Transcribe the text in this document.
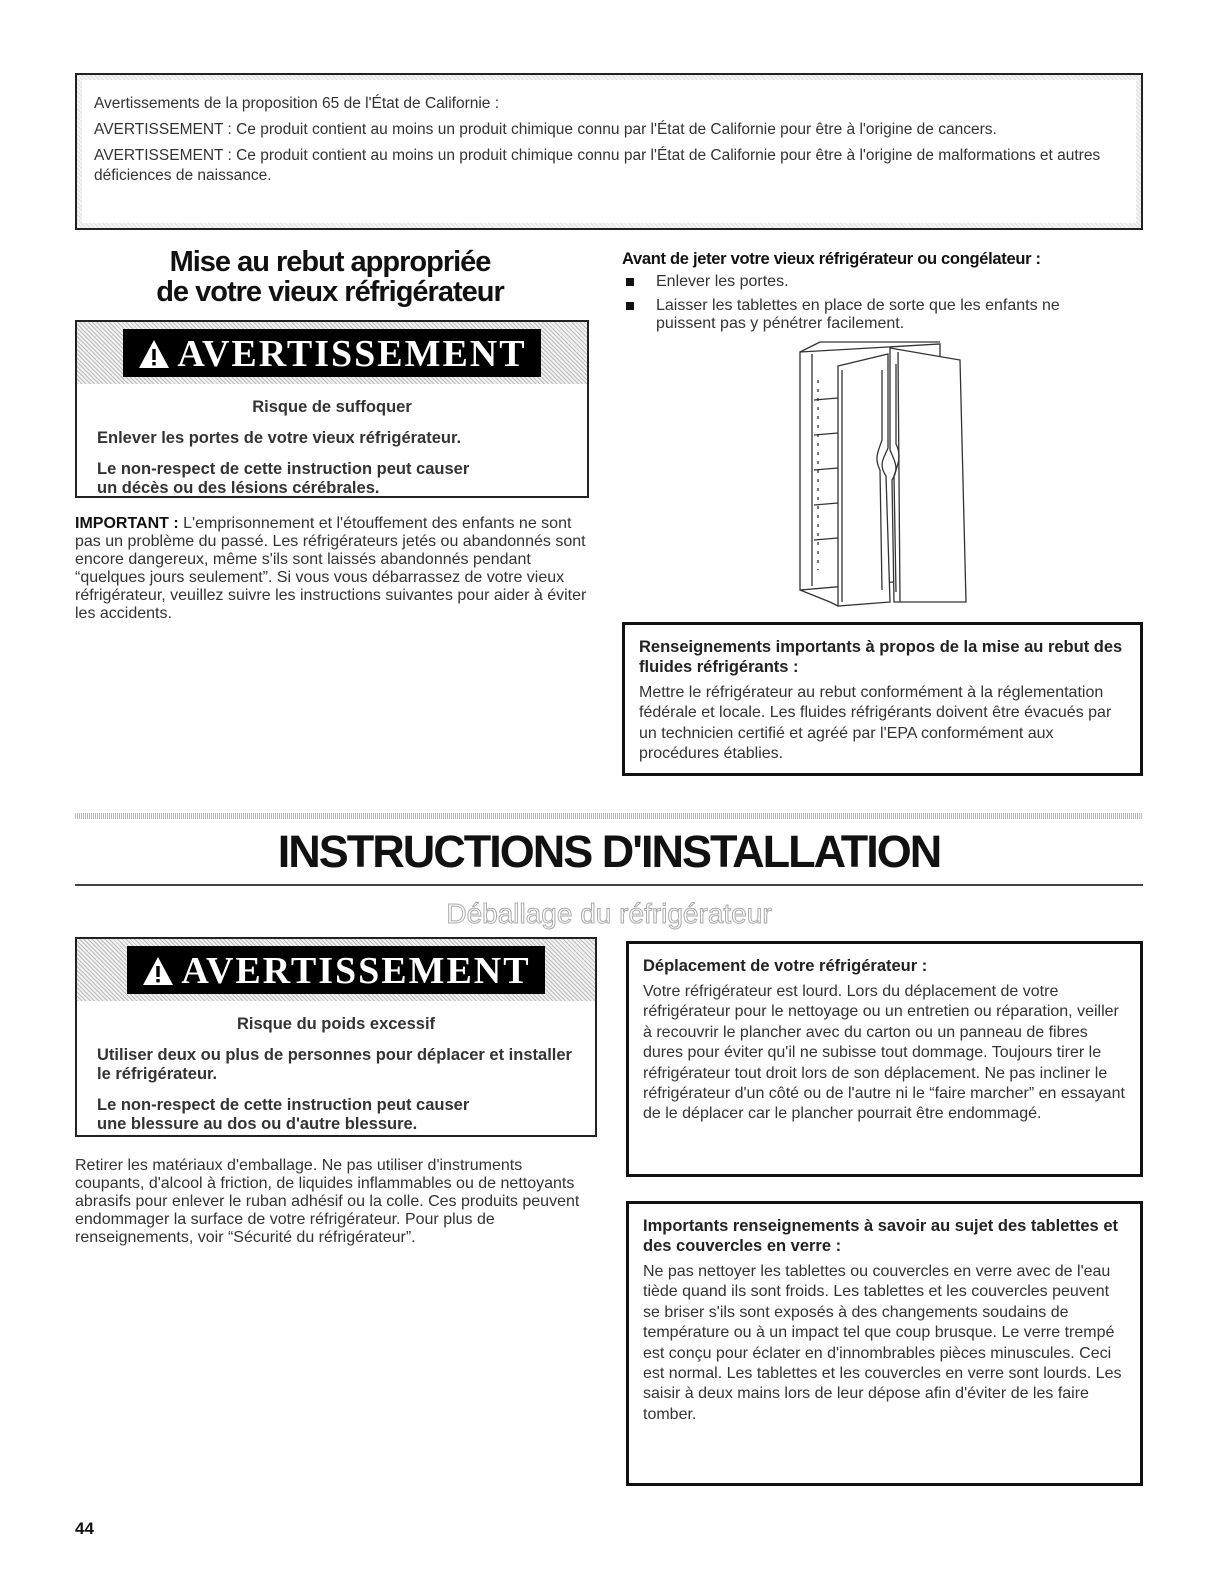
Avertissements de la proposition 65 de l'État de Californie :

AVERTISSEMENT : Ce produit contient au moins un produit chimique connu par l'État de Californie pour être à l'origine de cancers.

AVERTISSEMENT : Ce produit contient au moins un produit chimique connu par l'État de Californie pour être à l'origine de malformations et autres déficiences de naissance.

Mise au rebut appropriée
de votre vieux réfrigérateur
AVERTISSEMENT
Risque de suffoquer
Enlever les portes de votre vieux réfrigérateur.
Le non-respect de cette instruction peut causer
un décès ou des lésions cérébrales.
IMPORTANT : L'emprisonnement et l'étouffement des enfants ne sont pas un problème du passé. Les réfrigérateurs jetés ou abandonnés sont encore dangereux, même s'ils sont laissés abandonnés pendant “quelques jours seulement”. Si vous vous débarrassez de votre vieux réfrigérateur, veuillez suivre les instructions suivantes pour aider à éviter les accidents.
Avant de jeter votre vieux réfrigérateur ou congélateur :
Enlever les portes.
Laisser les tablettes en place de sorte que les enfants ne puissent pas y pénétrer facilement.
Renseignements importants à propos de la mise au rebut des fluides réfrigérants :
Mettre le réfrigérateur au rebut conformément à la réglementation fédérale et locale. Les fluides réfrigérants doivent être évacués par un technicien certifié et agréé par l'EPA conformément aux procédures établies.
INSTRUCTIONS D'INSTALLATION
Déballage du réfrigérateur
AVERTISSEMENT
Risque du poids excessif
Utiliser deux ou plus de personnes pour déplacer et installer le réfrigérateur.
Le non-respect de cette instruction peut causer
une blessure au dos ou d'autre blessure.
Retirer les matériaux d'emballage. Ne pas utiliser d'instruments coupants, d'alcool à friction, de liquides inflammables ou de nettoyants abrasifs pour enlever le ruban adhésif ou la colle. Ces produits peuvent endommager la surface de votre réfrigérateur. Pour plus de renseignements, voir “Sécurité du réfrigérateur”.
Déplacement de votre réfrigérateur :
Votre réfrigérateur est lourd. Lors du déplacement de votre réfrigérateur pour le nettoyage ou un entretien ou réparation, veiller à recouvrir le plancher avec du carton ou un panneau de fibres dures pour éviter qu'il ne subisse tout dommage. Toujours tirer le réfrigérateur tout droit lors de son déplacement. Ne pas incliner le réfrigérateur d'un côté ou de l'autre ni le “faire marcher” en essayant de le déplacer car le plancher pourrait être endommagé.
Importants renseignements à savoir au sujet des tablettes et des couvercles en verre :
Ne pas nettoyer les tablettes ou couvercles en verre avec de l'eau tiède quand ils sont froids. Les tablettes et les couvercles peuvent se briser s'ils sont exposés à des changements soudains de température ou à un impact tel que coup brusque. Le verre trempé est conçu pour éclater en d'innombrables pièces minuscules. Ceci est normal. Les tablettes et les couvercles en verre sont lourds. Les saisir à deux mains lors de leur dépose afin d'éviter de les faire tomber.
44
